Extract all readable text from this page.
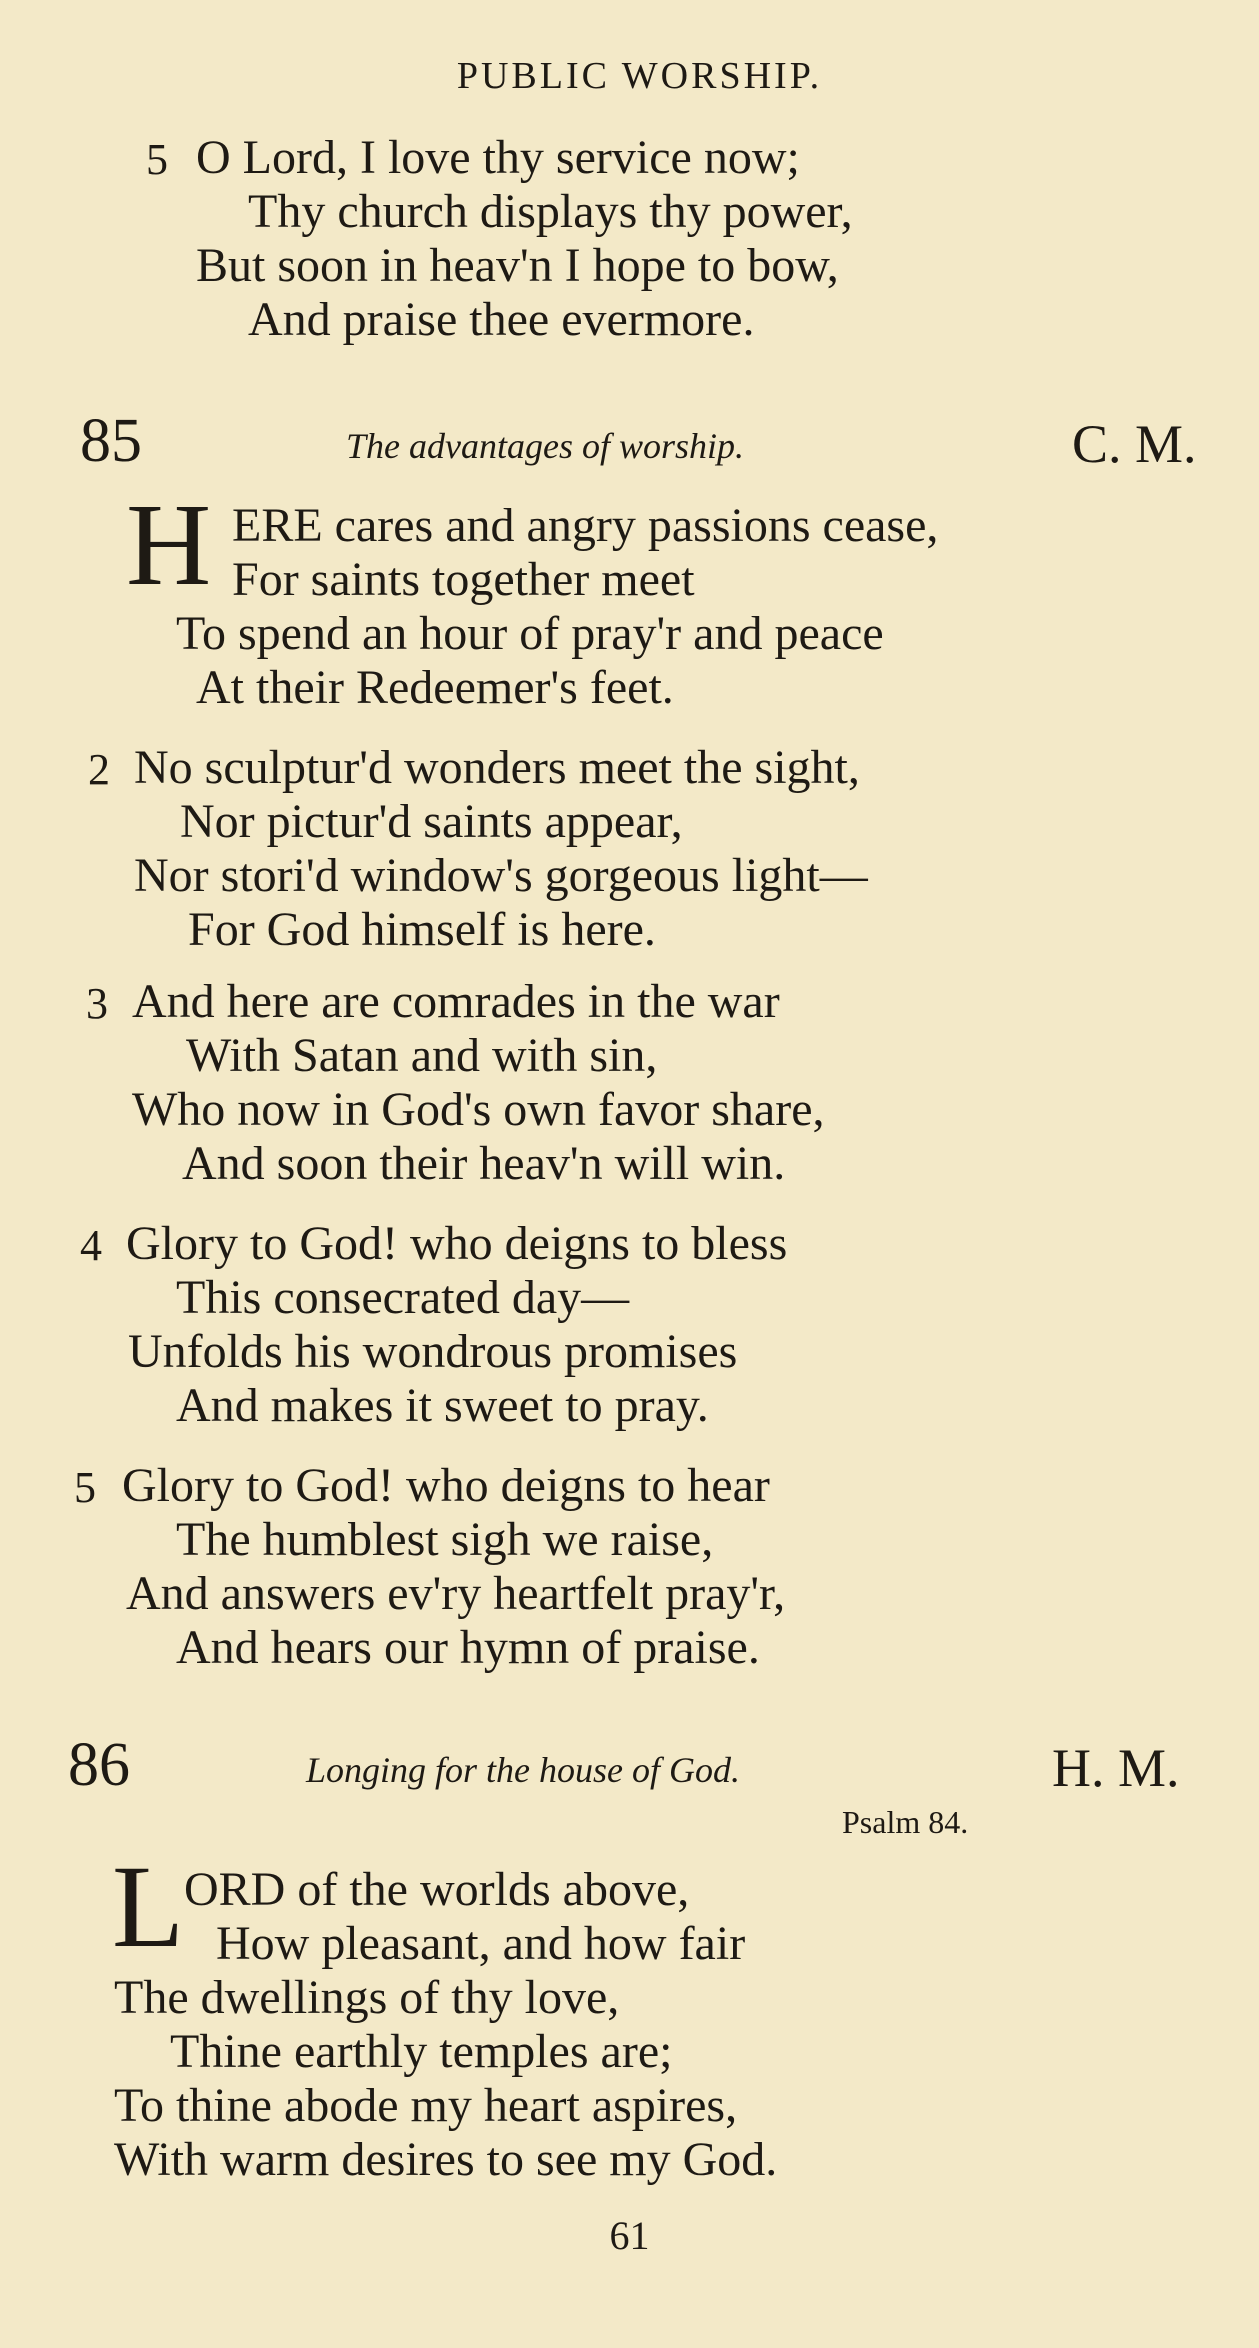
PUBLIC WORSHIP.
5 O Lord, I love thy service now;
Thy church displays thy power,
But soon in heav'n I hope to bow,
And praise thee evermore.
85	The advantages of worship.	C. M.
H ERE cares and angry passions cease,
For saints together meet
To spend an hour of pray'r and peace
At their Redeemer's feet.
2 No sculptur'd wonders meet the sight,
Nor pictur'd saints appear,
Nor stori'd window's gorgeous light—
For God himself is here.
3 And here are comrades in the war
With Satan and with sin,
Who now in God's own favor share,
And soon their heav'n will win.
4 Glory to God! who deigns to bless
This consecrated day—
Unfolds his wondrous promises
And makes it sweet to pray.
5 Glory to God! who deigns to hear
The humblest sigh we raise,
And answers ev'ry heartfelt pray'r,
And hears our hymn of praise.
86	Longing for the house of God.	H. M.
Psalm 84.
L ORD of the worlds above,
How pleasant, and how fair
The dwellings of thy love,
Thine earthly temples are;
To thine abode my heart aspires,
With warm desires to see my God.
61
